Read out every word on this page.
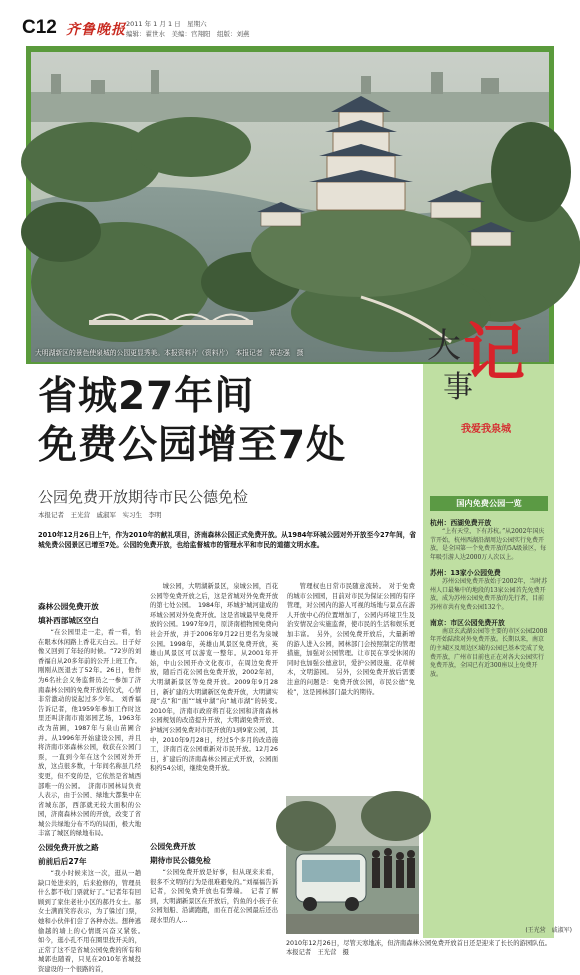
C12 齐鲁晚报 2011 年 1 月 1 日　星期六
编辑：翟世水　美编：官翔阳　组版：刘燕
大明湖新区的景色使泉城的公园更显秀美。本报资料片（资料片）　本报记者　郑志强　摄	大 记
事
我爱我泉城
省城27年间
免费公园增至7处
公园免费开放期待市民公德免检
本报记者　王光营　戚淑军　实习生　李明
2010年12月26日上午，作为2010年的献礼项目，济南森林公园正式免费开放。从1984年环城公园对外开放至今27年间，省城免费公园景区已增至7处。公园的免费开放，也给监督城市的管理水平和市民的道德文明水准。
森林公园免费开放
填补西部城区空白

“在公园里走一走，看一看，怡在眼本休闲路上香花天白云。日子好像又回到了年轻的时候。“72岁的刘香福自从20多年前的公开上班工作。刚刚从医退去了52年。26日，他作为6名社会义务监督员之一参加了济南森林公园的免费开放的仪式，心情非常激动的说起过多少年。　刘香福告诉记者，他1959年参加工作时这里还叫济南市南郊园艺场，1963年改为苗圃，1987年与泉山苗圃合并。从1996年开始建设公园，并且将济南市郊森林公园，收获在公园门票，一直到今年在这个公园对外开放，这点很多数，十年间名称虽几经变更，但不变的是，它依然是省城西部唯一的公园。　济南市园林局负责人表示，由于公园、绿地大都集中在省城东部，西部就无较大面积的公园，济南森林公园的开放，改变了省城公共绿地分布不均的局面，极大地丰富了城区的绿地布局。

公园免费开放之路
前前后后27年

“我小时候来这一次，逛从一趟缺口处进来的，后来抢修的，管理员什么都不收门票就好了。”记者年有回顾到了家住老社小区的郝丹女士。郝女士满面笑容表示，为了躲过门票，她和小伙伴们尝了各种办法。想种逃偷越的墙上的心情既兴奋又紧张。　如今，逛小孔不用在圈里找开关的，正常了这不是省城公园免费的所有和城郭也随着，只见在2010年省城投资建设的一个很路的首，

城公园，大明湖新景区，泉城公园，百花公园等免费开放之后，这是省城对外免费开放的第七处公园。　1984年，环城护城河建成的环城公园对外免费开放。这是省城最早免费开放的公园。1997年9月，原济南植物园免费向社会开放，并于2006年9月22日更名为泉城公园。1998年，英雄山风景区免费开放，英雄山风景区可以游览一整年。从2001年开始，中山公园开办文化夜市，在周边免费开放，随后百花公园也免费开放，2002年初，大明湖新景区等免费开放。2009年9月28日，新扩建的大明湖新区免费开放，大明湖实现“点”和“面”“城中湖”向“城市湖”的转变。　2010年，济南市政府将百花公园和济南森林公园规划的改造提升开放，大明湖免费开放、护城河公园免费对市民开放的1到9家公园，其中，2010年9月28日，经过5个多月的改造施工，济南百花公园重新对市民开放。12月26日，扩建后的济南森林公园正式开放，公园面积约54公顷，继续免费开放。

公园免费开放
期待市民公德免检

“公园免费开放是好事，但从现来来看，很多不文明的行为是很难避免的。”刘福福告诉记者，公园免费开放也有弊端。　记者了解到，大明湖新景区在开放后，钓鱼的小孩子在公园划船、沿湖跑跑，而在百花公园最后还出现水里的人...

管理权也日常市民随意流转。　对于免费的城市公园园，目前对市民为保证公园的有序管理，对公园内的游人可视的场地与景点在游人开放中心的位置增加了，公园内环境卫生及治安情况会实施监督，使市民的生活和娱乐更加丰富。　另外，公园免费开放后，大量新增的游人进入公园，园林部门会按照制定的管理措施，加强对公园管理。让市民在享受休闲的同时也加强公德意识，爱护公园设施、花草树木，文明游园。　另外，公园免费开放后需要注意的问题是：免费开放公园，市民公德“免检”，这是园林部门最大的期待。

2010年12月26日，尽管天寒地冻，但济南森林公园免费开放首日还是迎来了长长的游园队伍。　本报记者　王光营　摄
国内免费公园一览
杭州：西湖免费开放
“上有天堂，下有苏杭。”从2002年国庆节开始，杭州西湖沿湖周边公园实行免费开放，是全国第一个免费开放的5A级景区，每年吸引游人达2000万人次以上。
苏州：13家小公园免费
苏州公园免费开放始于2002年，当时苏州人口最集中的地段的13家公园首先免费开放，成为苏州公园免费开放的先行者，目前苏州市共有免费公园132个。
南京：市区公园免费开放
南京玄武湖公园等主要的市区公园2008年开始陆续对外免费开放。长期以来，南京的主城区及周边区域的公园已基本完成了免费开放，广州市目前也正在对各大公园实行免费开放，全国已有近300座以上免费开放。
(王光营　戚淑军)
